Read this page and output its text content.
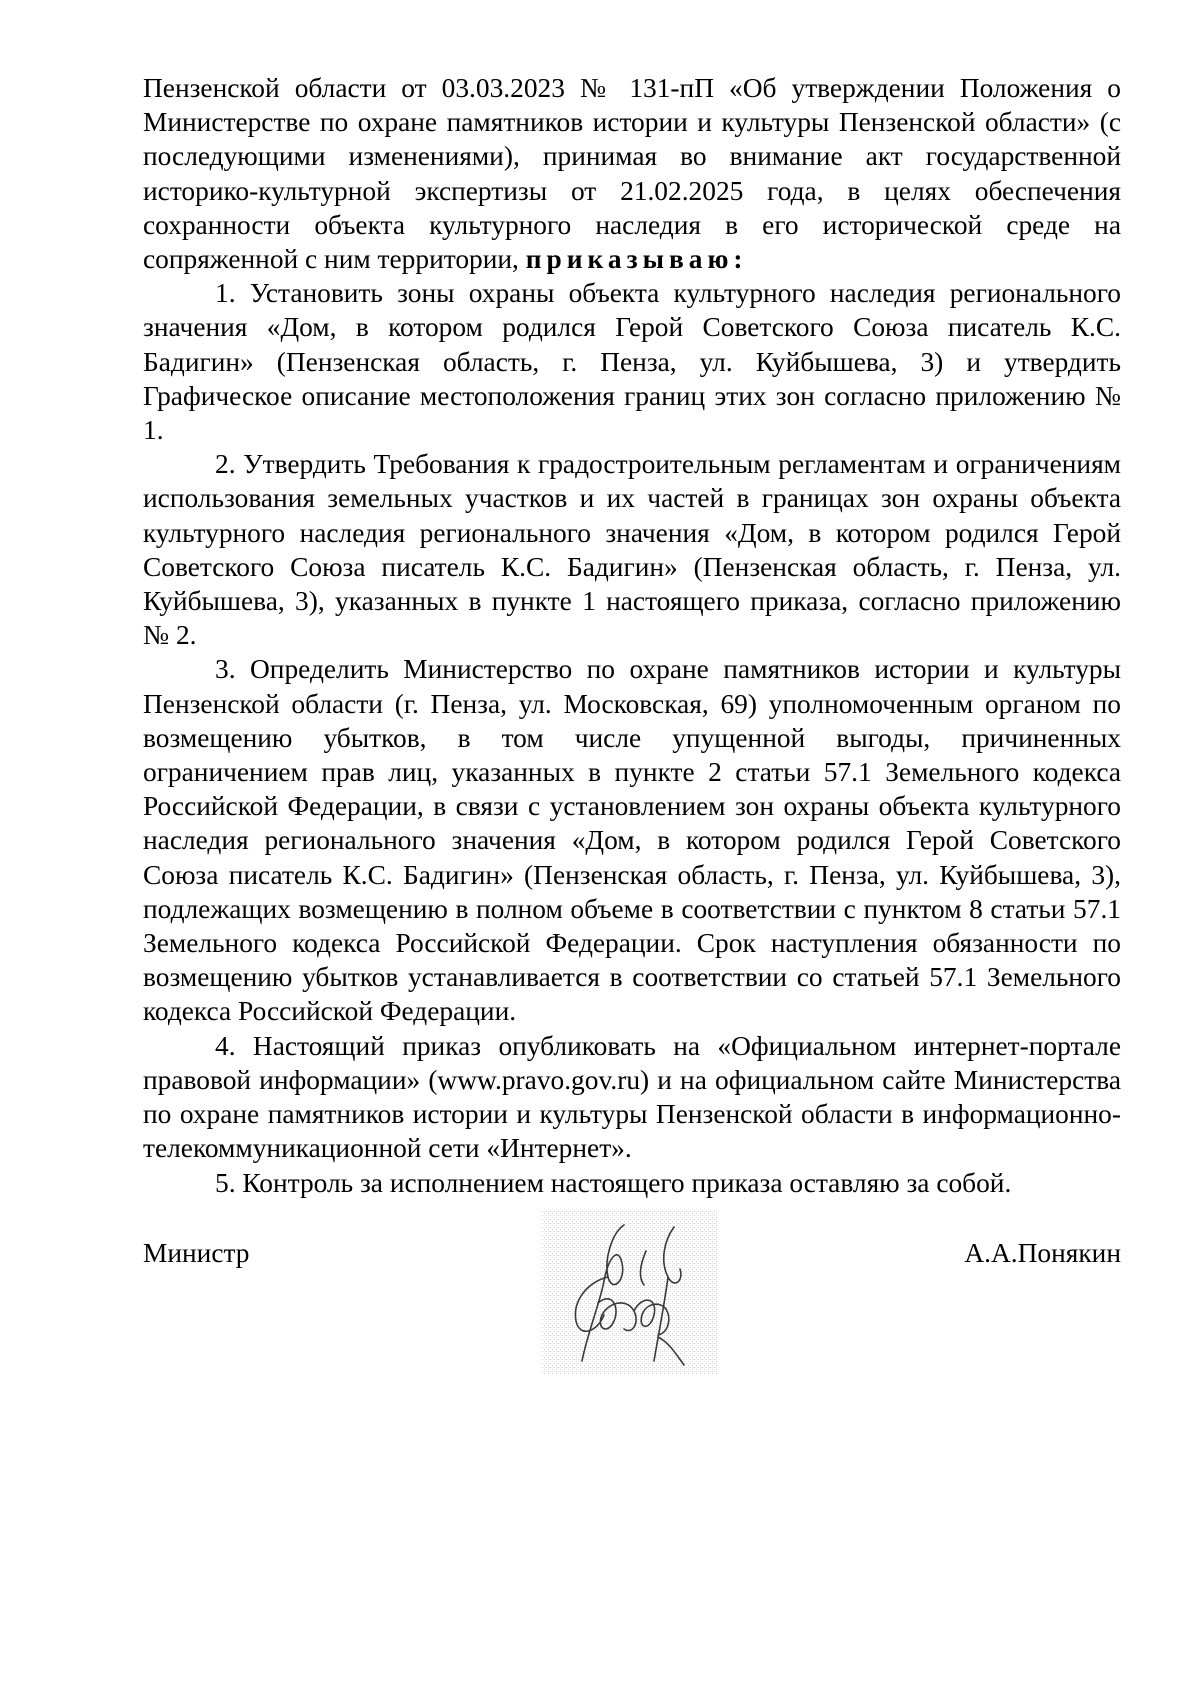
Пензенской области от 03.03.2023 № 131-пП «Об утверждении Положения о Министерстве по охране памятников истории и культуры Пензенской области» (с последующими изменениями), принимая во внимание акт государственной историко-культурной экспертизы от 21.02.2025 года, в целях обеспечения сохранности объекта культурного наследия в его исторической среде на сопряженной с ним территории, приказываю:

1. Установить зоны охраны объекта культурного наследия регионального значения «Дом, в котором родился Герой Советского Союза писатель К.С. Бадигин» (Пензенская область, г. Пенза, ул. Куйбышева, 3) и утвердить Графическое описание местоположения границ этих зон согласно приложению № 1.

2. Утвердить Требования к градостроительным регламентам и ограничениям использования земельных участков и их частей в границах зон охраны объекта культурного наследия регионального значения «Дом, в котором родился Герой Советского Союза писатель К.С. Бадигин» (Пензенская область, г. Пенза, ул. Куйбышева, 3), указанных в пункте 1 настоящего приказа, согласно приложению № 2.

3. Определить Министерство по охране памятников истории и культуры Пензенской области (г. Пенза, ул. Московская, 69) уполномоченным органом по возмещению убытков, в том числе упущенной выгоды, причиненных ограничением прав лиц, указанных в пункте 2 статьи 57.1 Земельного кодекса Российской Федерации, в связи с установлением зон охраны объекта культурного наследия регионального значения «Дом, в котором родился Герой Советского Союза писатель К.С. Бадигин» (Пензенская область, г. Пенза, ул. Куйбышева, 3), подлежащих возмещению в полном объеме в соответствии с пунктом 8 статьи 57.1 Земельного кодекса Российской Федерации. Срок наступления обязанности по возмещению убытков устанавливается в соответствии со статьей 57.1 Земельного кодекса Российской Федерации.

4. Настоящий приказ опубликовать на «Официальном интернет-портале правовой информации» (www.pravo.gov.ru) и на официальном сайте Министерства по охране памятников истории и культуры Пензенской области в информационно-телекоммуникационной сети «Интернет».

5. Контроль за исполнением настоящего приказа оставляю за собой.

Министр	А.А.Понякин
